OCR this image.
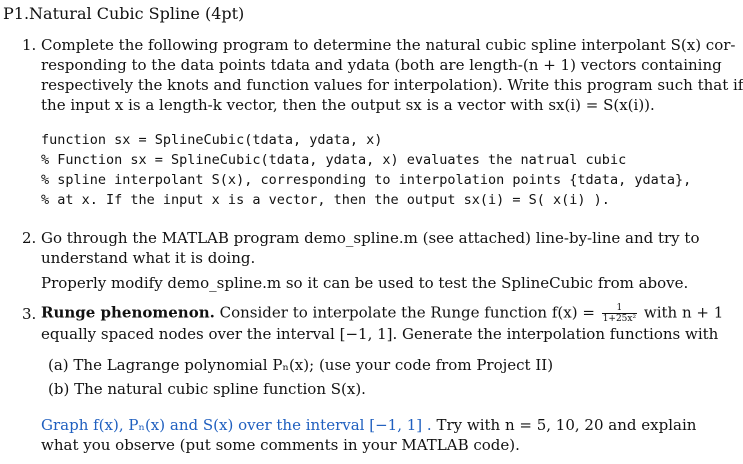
P1.Natural Cubic Spline (4pt)
1. Complete the following program to determine the natural cubic spline interpolant S(x) cor-
responding to the data points tdata and ydata (both are length-(n + 1) vectors containing
respectively the knots and function values for interpolation). Write this program such that if
the input x is a length-k vector, then the output sx is a vector with sx(i) = S(x(i)).
function sx = SplineCubic(tdata, ydata, x)
% Function sx = SplineCubic(tdata, ydata, x) evaluates the natrual cubic
% spline interpolant S(x), corresponding to interpolation points {tdata, ydata},
% at x. If the input x is a vector, then the output sx(i) = S( x(i) ).
2. Go through the MATLAB program demo_spline.m (see attached) line-by-line and try to
understand what it is doing.
Properly modify demo_spline.m so it can be used to test the SplineCubic from above.
3. Runge phenomenon. Consider to interpolate the Runge function $f(x) = \frac{1}{\text{1+25x²}}$ with n + 1
equally spaced nodes over the interval [−1, 1]. Generate the interpolation functions with
(a) The Lagrange polynomial Pₙ(x); (use your code from Project II)
(b) The natural cubic spline function S(x).
Graph f(x), Pₙ(x) and S(x) over the interval [−1, 1] . Try with n = 5, 10, 20 and explain
what you observe (put some comments in your MATLAB code).
